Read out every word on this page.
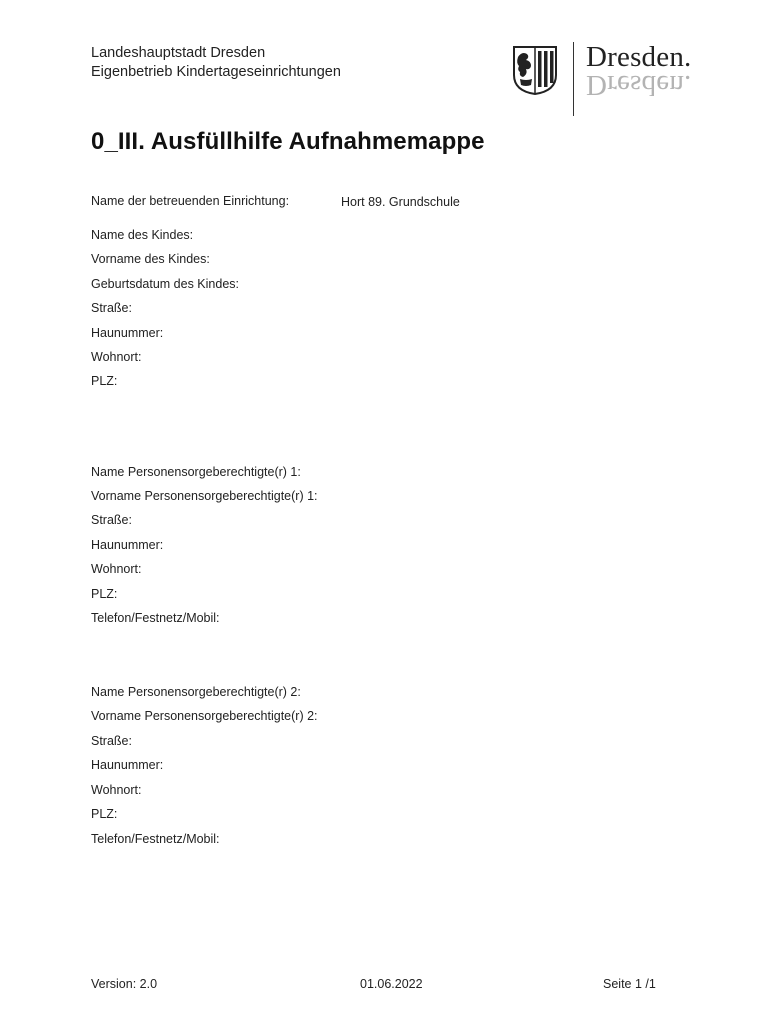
Landeshauptstadt Dresden
Eigenbetrieb Kindertageseinrichtungen	Dresden.
Dresden.
0_III. Ausfüllhilfe Aufnahmemappe
Name der betreuenden Einrichtung:	Hort 89. Grundschule
Name des Kindes:
Vorname des Kindes:
Geburtsdatum des Kindes:
Straße:
Haunummer:
Wohnort:
PLZ:
Name Personensorgeberechtigte(r) 1:
Vorname Personensorgeberechtigte(r) 1:
Straße:
Haunummer:
Wohnort:
PLZ:
Telefon/Festnetz/Mobil:
Name Personensorgeberechtigte(r) 2:
Vorname Personensorgeberechtigte(r) 2:
Straße:
Haunummer:
Wohnort:
PLZ:
Telefon/Festnetz/Mobil:
Version: 2.0	01.06.2022	Seite 1 /1
